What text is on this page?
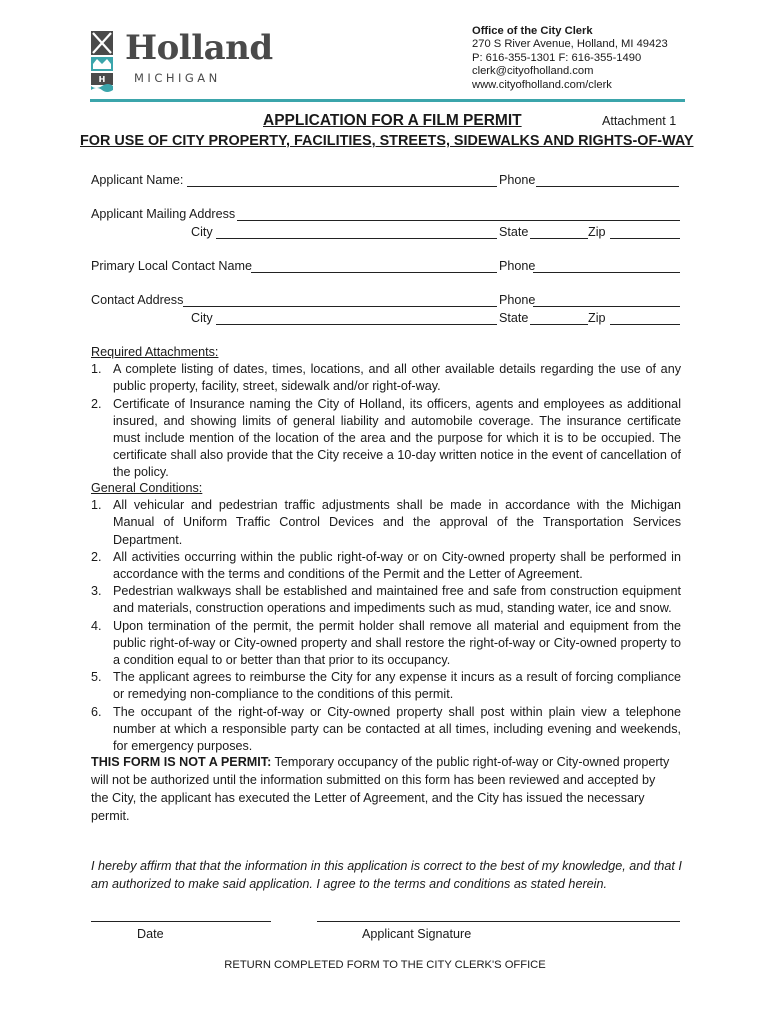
H
Holland
MICHIGAN
Office of the City Clerk
270 S River Avenue, Holland, MI 49423
P: 616-355-1301 F: 616-355-1490
clerk@cityofholland.com
www.cityofholland.com/clerk
APPLICATION FOR A FILM PERMIT	Attachment 1
FOR USE OF CITY PROPERTY, FACILITIES, STREETS, SIDEWALKS AND RIGHTS-OF-WAY
Applicant Name:	Phone
Applicant Mailing Address
City	State	Zip
Primary Local Contact Name	Phone
Contact Address	Phone
City	State	Zip
Required Attachments:
1. A complete listing of dates, times, locations, and all other available details regarding the use of any public property, facility, street, sidewalk and/or right-of-way.
2. Certificate of Insurance naming the City of Holland, its officers, agents and employees as additional insured, and showing limits of general liability and automobile coverage. The insurance certificate must include mention of the location of the area and the purpose for which it is to be occupied. The certificate shall also provide that the City receive a 10-day written notice in the event of cancellation of the policy.
General Conditions:
1. All vehicular and pedestrian traffic adjustments shall be made in accordance with the Michigan Manual of Uniform Traffic Control Devices and the approval of the Transportation Services Department.
2. All activities occurring within the public right-of-way or on City-owned property shall be performed in accordance with the terms and conditions of the Permit and the Letter of Agreement.
3. Pedestrian walkways shall be established and maintained free and safe from construction equipment and materials, construction operations and impediments such as mud, standing water, ice and snow.
4. Upon termination of the permit, the permit holder shall remove all material and equipment from the public right-of-way or City-owned property and shall restore the right-of-way or City-owned property to a condition equal to or better than that prior to its occupancy.
5. The applicant agrees to reimburse the City for any expense it incurs as a result of forcing compliance or remedying non-compliance to the conditions of this permit.
6. The occupant of the right-of-way or City-owned property shall post within plain view a telephone number at which a responsible party can be contacted at all times, including evening and weekends, for emergency purposes.
THIS FORM IS NOT A PERMIT: Temporary occupancy of the public right-of-way or City-owned property will not be authorized until the information submitted on this form has been reviewed and accepted by the City, the applicant has executed the Letter of Agreement, and the City has issued the necessary permit.
I hereby affirm that that the information in this application is correct to the best of my knowledge, and that I am authorized to make said application. I agree to the terms and conditions as stated herein.
Date	Applicant Signature
RETURN COMPLETED FORM TO THE CITY CLERK'S OFFICE
